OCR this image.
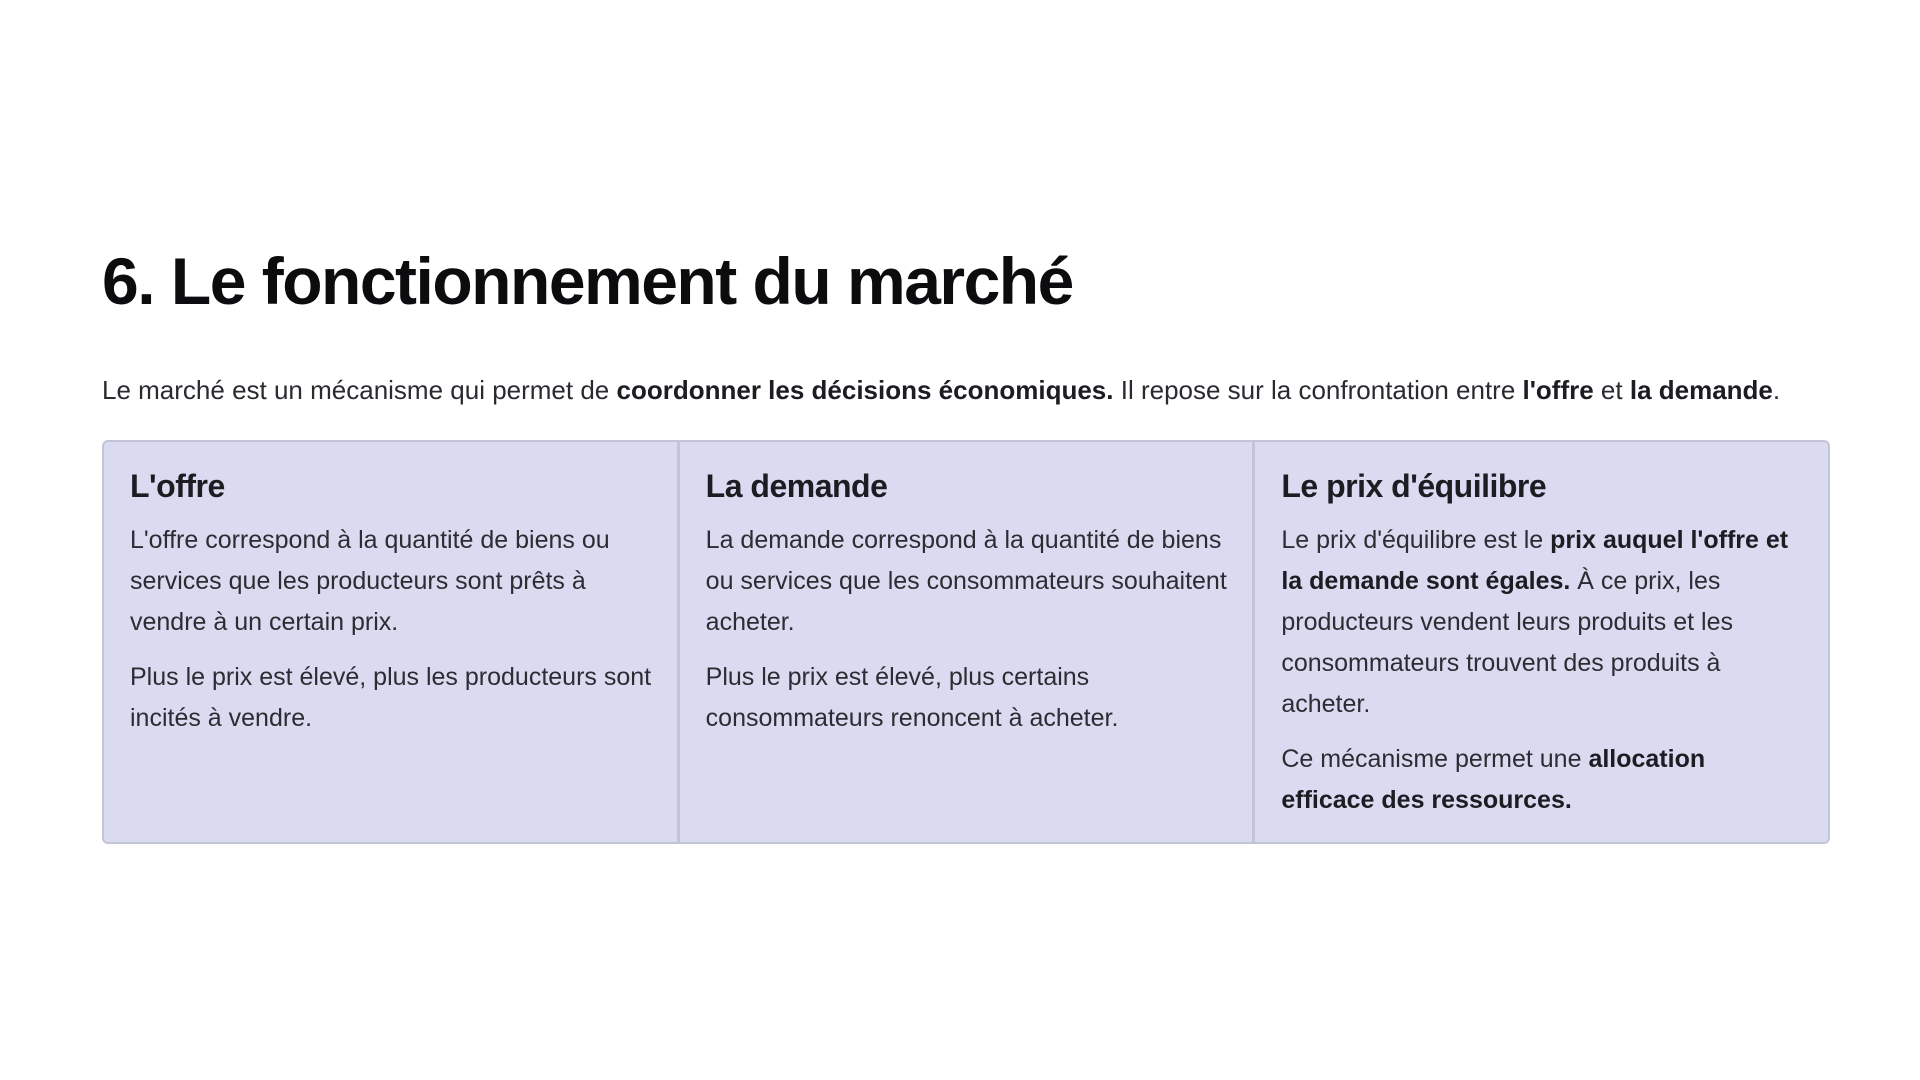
6. Le fonctionnement du marché

Le marché est un mécanisme qui permet de coordonner les décisions économiques. Il repose sur la confrontation entre l'offre et la demande.

L'offre

L'offre correspond à la quantité de biens ou services que les producteurs sont prêts à vendre à un certain prix.

Plus le prix est élevé, plus les producteurs sont incités à vendre.

La demande

La demande correspond à la quantité de biens ou services que les consommateurs souhaitent acheter.

Plus le prix est élevé, plus certains consommateurs renoncent à acheter.

Le prix d'équilibre

Le prix d'équilibre est le prix auquel l'offre et la demande sont égales. À ce prix, les producteurs vendent leurs produits et les consommateurs trouvent des produits à acheter.

Ce mécanisme permet une allocation efficace des ressources.
